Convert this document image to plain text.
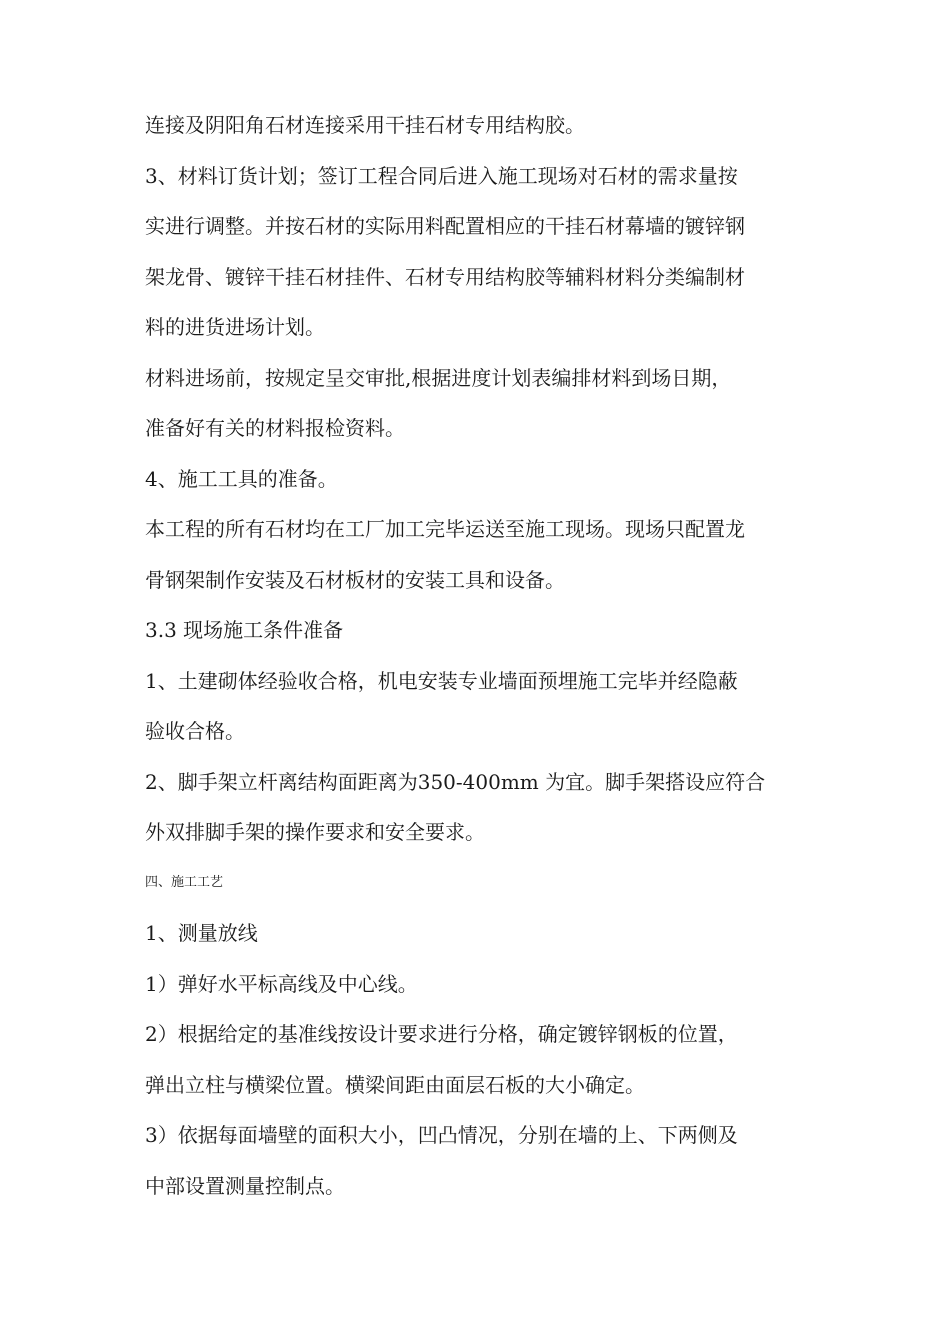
连接及阴阳角石材连接采用干挂石材专用结构胶。
3、材料订货计划；签订工程合同后进入施工现场对石材的需求量按
实进行调整。并按石材的实际用料配置相应的干挂石材幕墙的镀锌钢
架龙骨、镀锌干挂石材挂件、石材专用结构胶等辅料材料分类编制材
料的进货进场计划。
材料进场前，按规定呈交审批,根据进度计划表编排材料到场日期，
准备好有关的材料报检资料。
4、施工工具的准备。
本工程的所有石材均在工厂加工完毕运送至施工现场。现场只配置龙
骨钢架制作安装及石材板材的安装工具和设备。
3.3 现场施工条件准备
1、土建砌体经验收合格，机电安装专业墙面预埋施工完毕并经隐蔽
验收合格。
2、脚手架立杆离结构面距离为350-400mm 为宜。脚手架搭设应符合
外双排脚手架的操作要求和安全要求。
四、施工工艺
1、测量放线
1）弹好水平标高线及中心线。
2）根据给定的基准线按设计要求进行分格，确定镀锌钢板的位置，
弹出立柱与横梁位置。横梁间距由面层石板的大小确定。
3）依据每面墙壁的面积大小，凹凸情况，分别在墙的上、下两侧及
中部设置测量控制点。
